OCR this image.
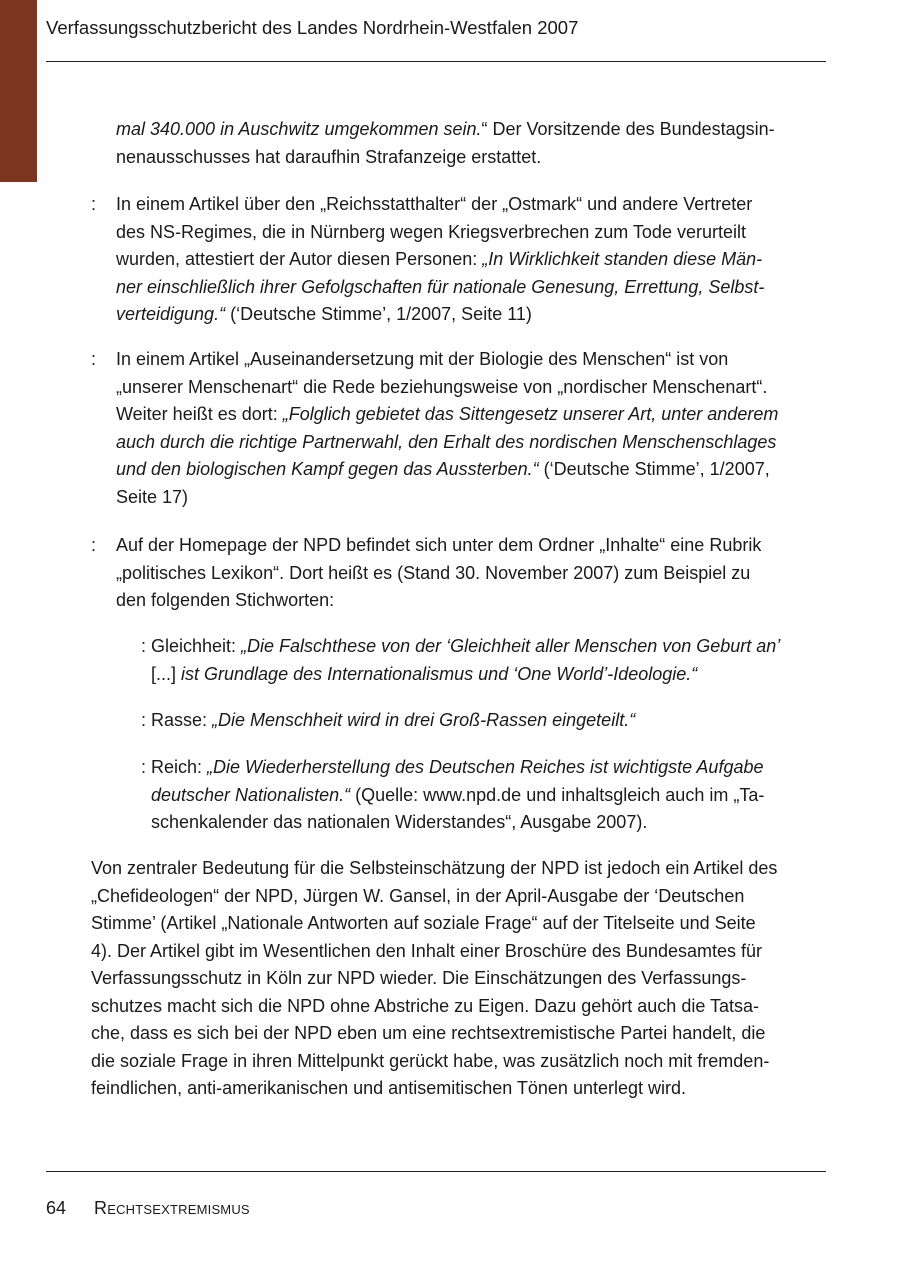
Verfassungsschutzbericht des Landes Nordrhein-Westfalen 2007

mal 340.000 in Auschwitz umgekommen sein.“ Der Vorsitzende des Bundestagsin-
nenausschusses hat daraufhin Strafanzeige erstattet.

: In einem Artikel über den „Reichsstatthalter“ der „Ostmark“ und andere Vertreter
des NS-Regimes, die in Nürnberg wegen Kriegsverbrechen zum Tode verurteilt
wurden, attestiert der Autor diesen Personen: „In Wirklichkeit standen diese Män-
ner einschließlich ihrer Gefolgschaften für nationale Genesung, Errettung, Selbst-
verteidigung.“ (‘Deutsche Stimme’, 1/2007, Seite 11)

: In einem Artikel „Auseinandersetzung mit der Biologie des Menschen“ ist von
„unserer Menschenart“ die Rede beziehungsweise von „nordischer Menschenart“.
Weiter heißt es dort: „Folglich gebietet das Sittengesetz unserer Art, unter anderem
auch durch die richtige Partnerwahl, den Erhalt des nordischen Menschenschlages
und den biologischen Kampf gegen das Aussterben.“ (‘Deutsche Stimme’, 1/2007,
Seite 17)

: Auf der Homepage der NPD befindet sich unter dem Ordner „Inhalte“ eine Rubrik
„politisches Lexikon“. Dort heißt es (Stand 30. November 2007) zum Beispiel zu
den folgenden Stichworten:

: Gleichheit: „Die Falschthese von der ‘Gleichheit aller Menschen von Geburt an’
[...] ist Grundlage des Internationalismus und ‘One World’-Ideologie.“

: Rasse: „Die Menschheit wird in drei Groß-Rassen eingeteilt.“

: Reich: „Die Wiederherstellung des Deutschen Reiches ist wichtigste Aufgabe
deutscher Nationalisten.“ (Quelle: www.npd.de und inhaltsgleich auch im „Ta-
schenkalender das nationalen Widerstandes“, Ausgabe 2007).

Von zentraler Bedeutung für die Selbsteinschätzung der NPD ist jedoch ein Artikel des
„Chefideologen“ der NPD, Jürgen W. Gansel, in der April-Ausgabe der ‘Deutschen
Stimme’ (Artikel „Nationale Antworten auf soziale Frage“ auf der Titelseite und Seite
4). Der Artikel gibt im Wesentlichen den Inhalt einer Broschüre des Bundesamtes für
Verfassungsschutz in Köln zur NPD wieder. Die Einschätzungen des Verfassungs-
schutzes macht sich die NPD ohne Abstriche zu Eigen. Dazu gehört auch die Tatsa-
che, dass es sich bei der NPD eben um eine rechtsextremistische Partei handelt, die
die soziale Frage in ihren Mittelpunkt gerückt habe, was zusätzlich noch mit fremden-
feindlichen, anti-amerikanischen und antisemitischen Tönen unterlegt wird.

64 Rechtsextremismus
